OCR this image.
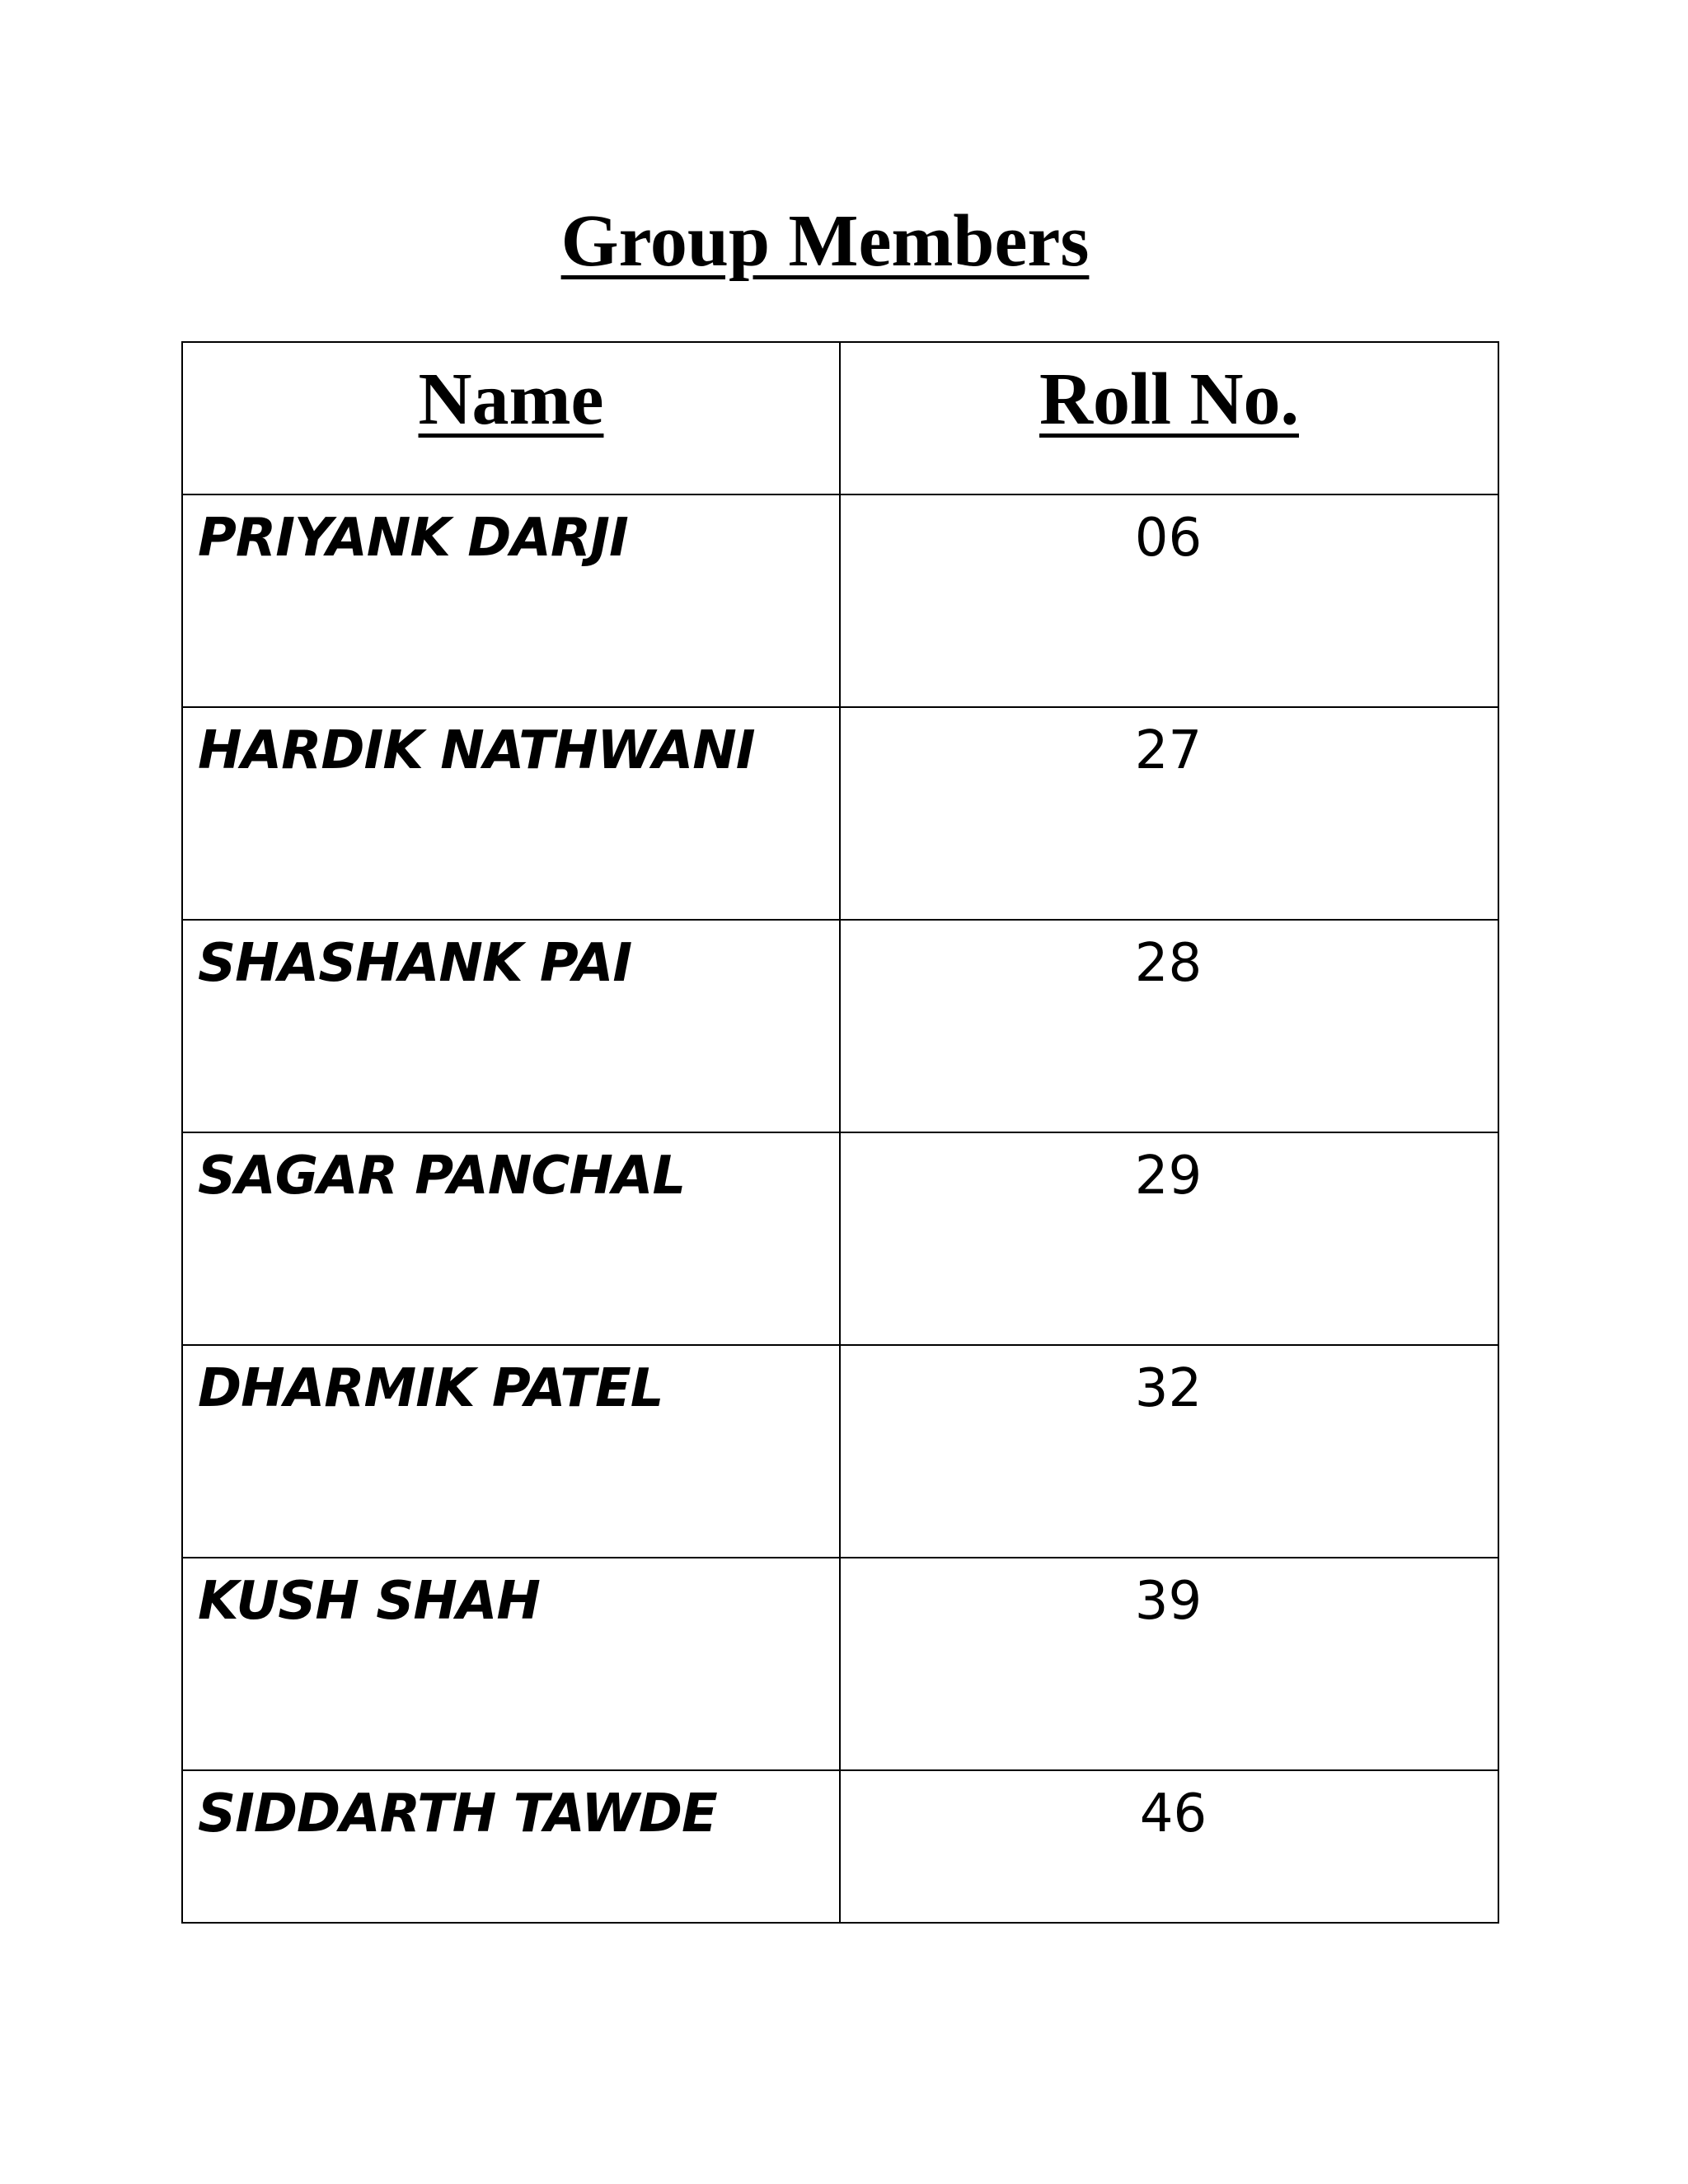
Group Members
Name	Roll No.

PRIYANK DARJI	06

HARDIK NATHWANI	27

SHASHANK PAI	28

SAGAR PANCHAL	29

DHARMIK PATEL	32

KUSH SHAH	39

SIDDARTH TAWDE	46
